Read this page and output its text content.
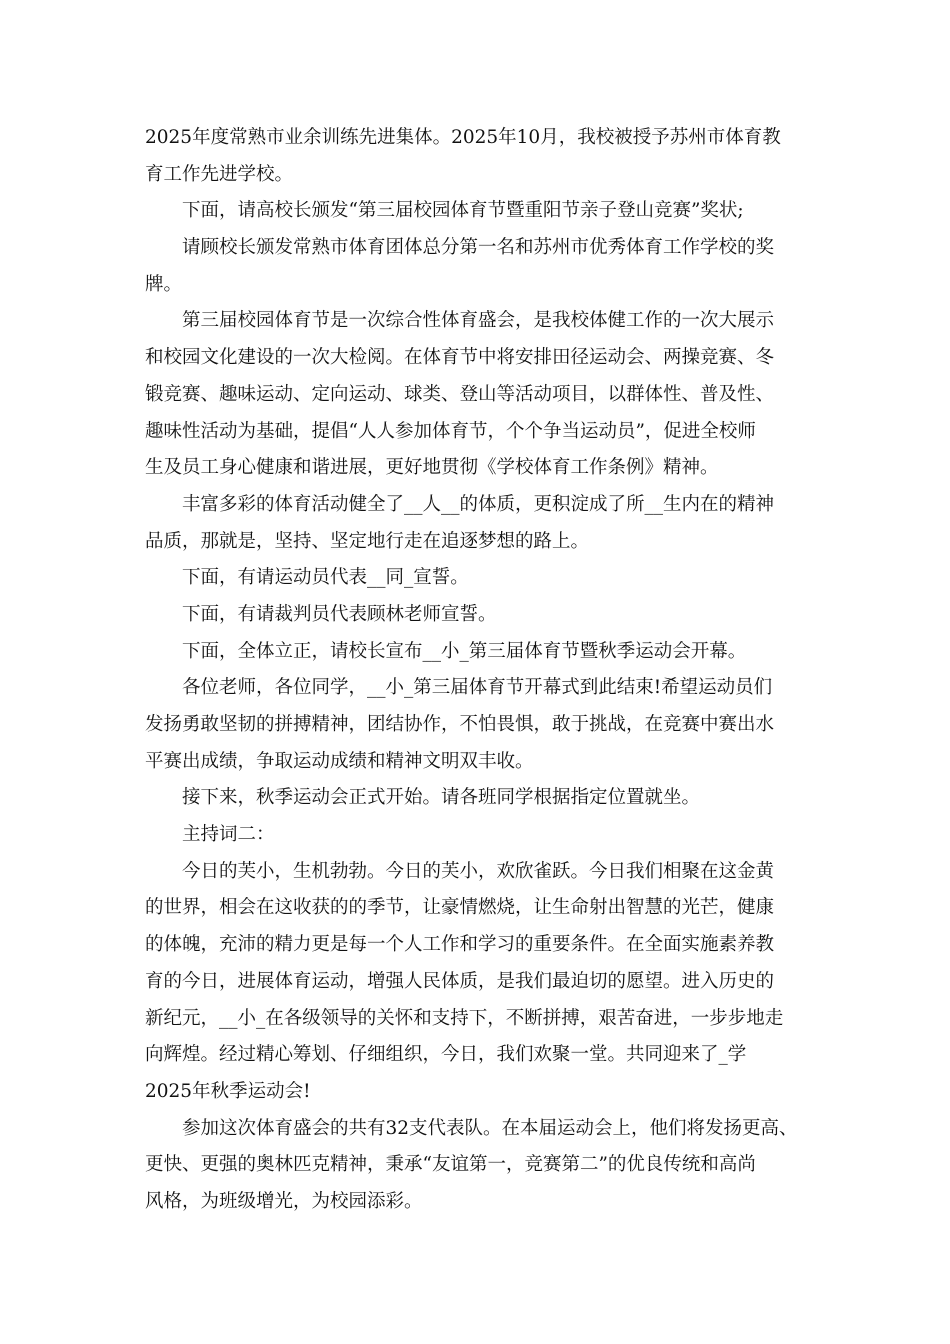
2025年度常熟市业余训练先进集体。2025年10月，我校被授予苏州市体育教
育工作先进学校。
下面，请高校长颁发“第三届校园体育节暨重阳节亲子登山竞赛”奖状;
请顾校长颁发常熟市体育团体总分第一名和苏州市优秀体育工作学校的奖
牌。
第三届校园体育节是一次综合性体育盛会，是我校体健工作的一次大展示
和校园文化建设的一次大检阅。在体育节中将安排田径运动会、两操竞赛、冬
锻竞赛、趣味运动、定向运动、球类、登山等活动项目，以群体性、普及性、
趣味性活动为基础，提倡“人人参加体育节，个个争当运动员”，促进全校师
生及员工身心健康和谐进展，更好地贯彻《学校体育工作条例》精神。
丰富多彩的体育活动健全了__人__的体质，更积淀成了所__生内在的精神
品质，那就是，坚持、坚定地行走在追逐梦想的路上。
下面，有请运动员代表__同_宣誓。
下面，有请裁判员代表顾林老师宣誓。
下面，全体立正，请校长宣布__小_第三届体育节暨秋季运动会开幕。
各位老师，各位同学，__小_第三届体育节开幕式到此结束!希望运动员们
发扬勇敢坚韧的拼搏精神，团结协作，不怕畏惧，敢于挑战，在竞赛中赛出水
平赛出成绩，争取运动成绩和精神文明双丰收。
接下来，秋季运动会正式开始。请各班同学根据指定位置就坐。
主持词二：
今日的芙小，生机勃勃。今日的芙小，欢欣雀跃。今日我们相聚在这金黄
的世界，相会在这收获的的季节，让豪情燃烧，让生命射出智慧的光芒，健康
的体魄，充沛的精力更是每一个人工作和学习的重要条件。在全面实施素养教
育的今日，进展体育运动，增强人民体质，是我们最迫切的愿望。进入历史的
新纪元，__小_在各级领导的关怀和支持下，不断拼搏，艰苦奋进，一步步地走
向辉煌。经过精心筹划、仔细组织，今日，我们欢聚一堂。共同迎来了_学
2025年秋季运动会!
参加这次体育盛会的共有32支代表队。在本届运动会上，他们将发扬更高、
更快、更强的奥林匹克精神，秉承“友谊第一，竞赛第二”的优良传统和高尚
风格，为班级增光，为校园添彩。
